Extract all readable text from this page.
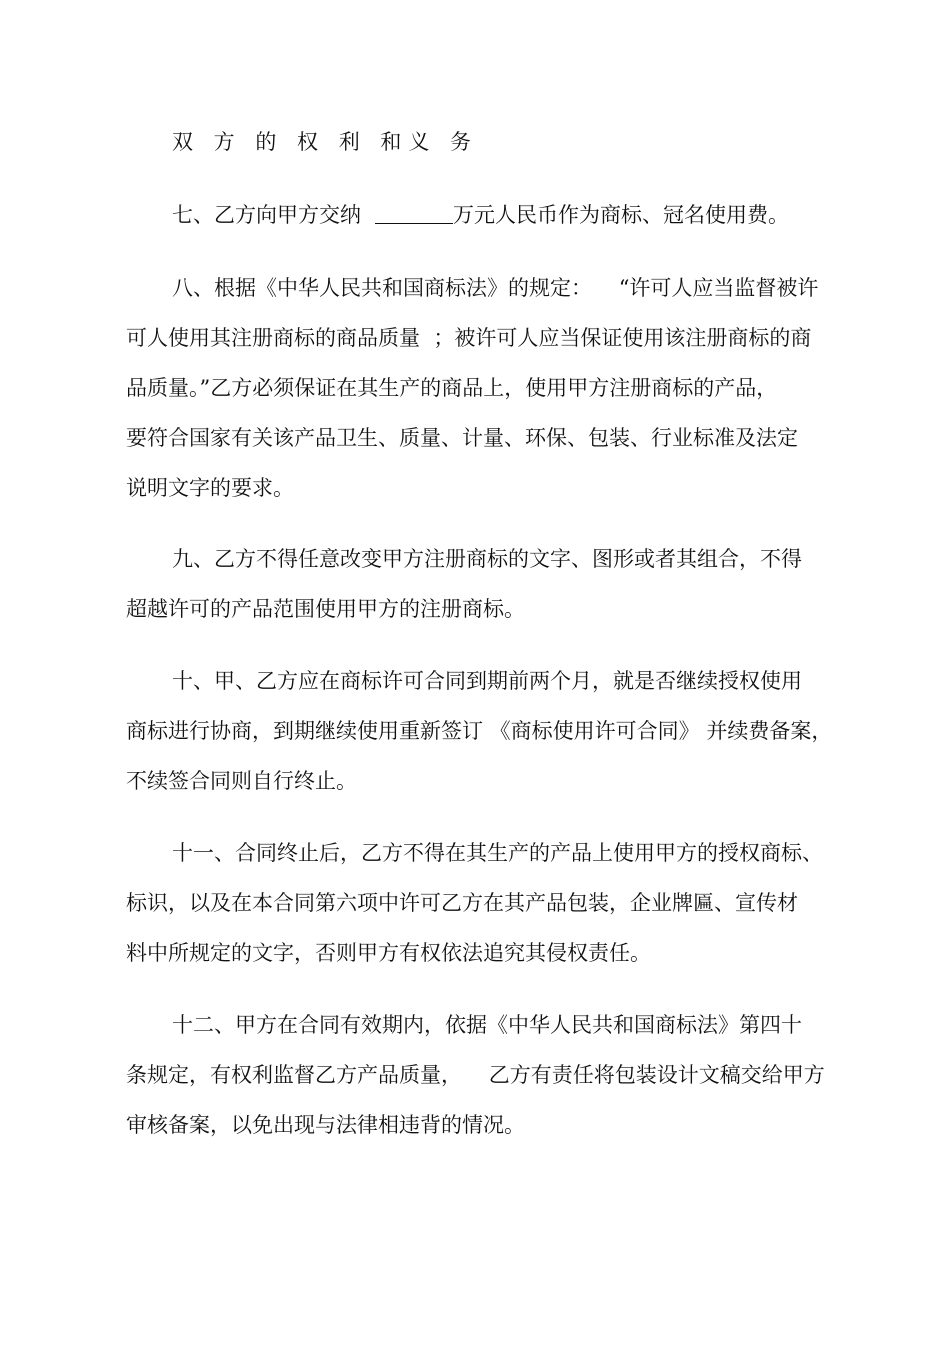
双 方 的 权 利 和义 务
七、乙方向甲方交纳	万元人民币作为商标、冠名使用费。
八、根据《中华人民共和国商标法》的规定：    “许可人应当监督被许
可人使用其注册商标的商品质量  ；被许可人应当保证使用该注册商标的商
品质量。”乙方必须保证在其生产的商品上，使用甲方注册商标的产品，
要符合国家有关该产品卫生、质量、计量、环保、包装、行业标准及法定
说明文字的要求。
九、乙方不得任意改变甲方注册商标的文字、图形或者其组合，不得
超越许可的产品范围使用甲方的注册商标。
十、甲、乙方应在商标许可合同到期前两个月，就是否继续授权使用
商标进行协商，到期继续使用重新签订 《商标使用许可合同》 并续费备案，
不续签合同则自行终止。
十一、合同终止后，乙方不得在其生产的产品上使用甲方的授权商标、
标识，以及在本合同第六项中许可乙方在其产品包装，企业牌匾、宣传材
料中所规定的文字，否则甲方有权依法追究其侵权责任。
十二、甲方在合同有效期内，依据《中华人民共和国商标法》第四十
条规定，有权利监督乙方产品质量，    乙方有责任将包装设计文稿交给甲方
审核备案，以免出现与法律相违背的情况。
